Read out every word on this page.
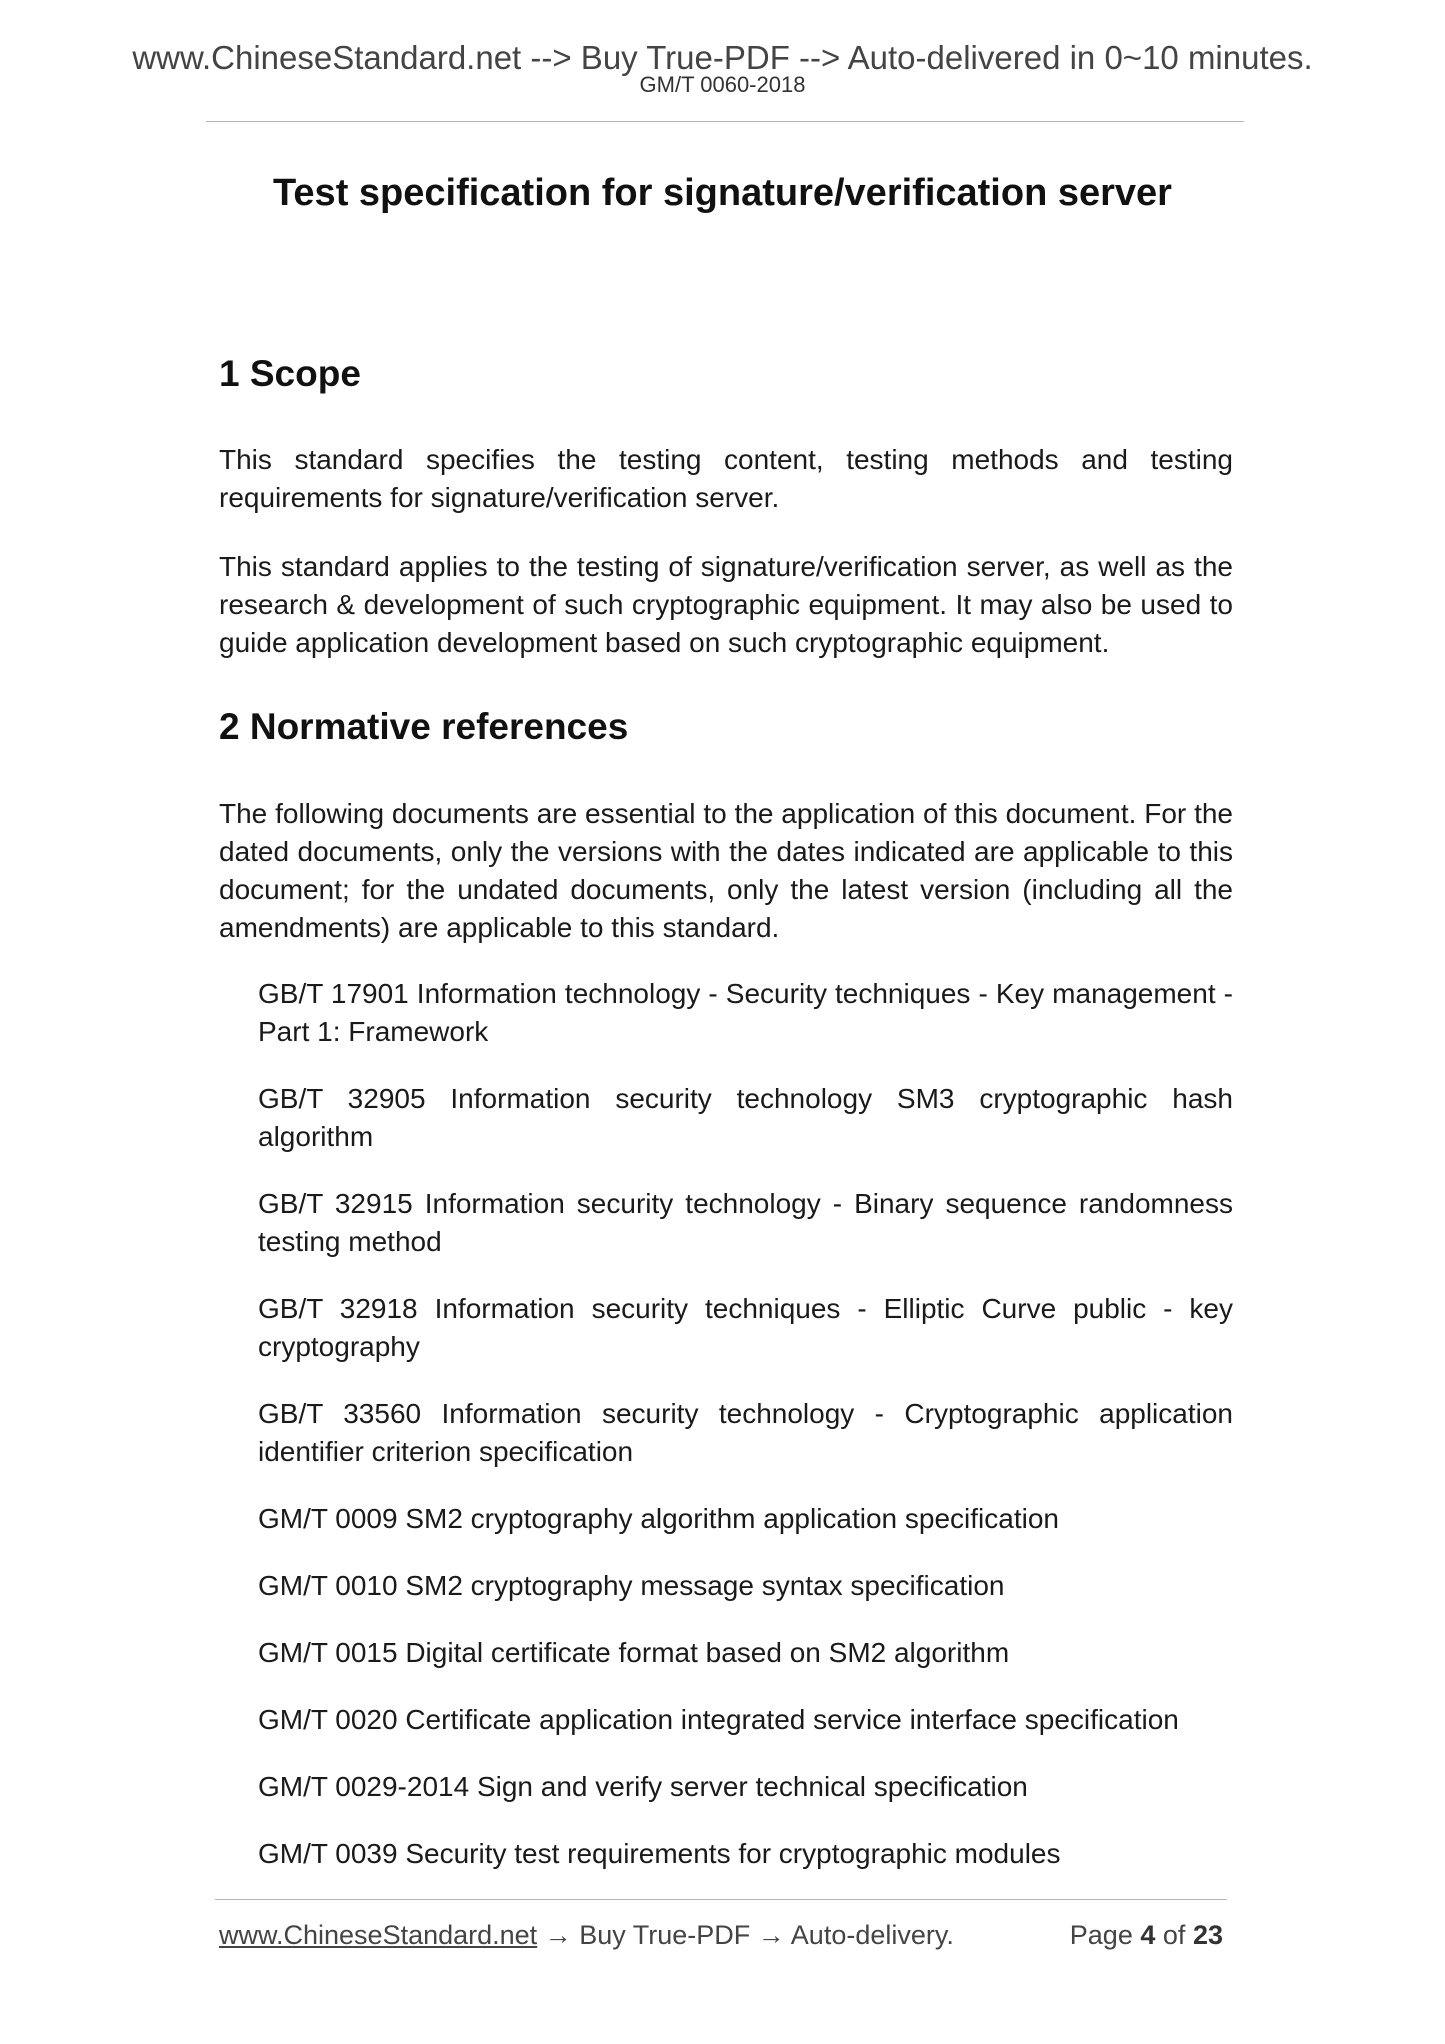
www.ChineseStandard.net --> Buy True-PDF --> Auto-delivered in 0~10 minutes.
GM/T 0060-2018
Test specification for signature/verification server
1 Scope

This standard specifies the testing content, testing methods and testing requirements for signature/verification server.

This standard applies to the testing of signature/verification server, as well as the research & development of such cryptographic equipment. It may also be used to guide application development based on such cryptographic equipment.

2 Normative references

The following documents are essential to the application of this document. For the dated documents, only the versions with the dates indicated are applicable to this document; for the undated documents, only the latest version (including all the amendments) are applicable to this standard.

GB/T 17901 Information technology - Security techniques - Key management - Part 1: Framework
GB/T 32905 Information security technology SM3 cryptographic hash algorithm
GB/T 32915 Information security technology - Binary sequence randomness testing method
GB/T 32918 Information security techniques - Elliptic Curve public - key cryptography
GB/T 33560 Information security technology - Cryptographic application identifier criterion specification
GM/T 0009 SM2 cryptography algorithm application specification
GM/T 0010 SM2 cryptography message syntax specification
GM/T 0015 Digital certificate format based on SM2 algorithm
GM/T 0020 Certificate application integrated service interface specification
GM/T 0029-2014 Sign and verify server technical specification
GM/T 0039 Security test requirements for cryptographic modules
www.ChineseStandard.net → Buy True-PDF → Auto-delivery.	Page 4 of 23
